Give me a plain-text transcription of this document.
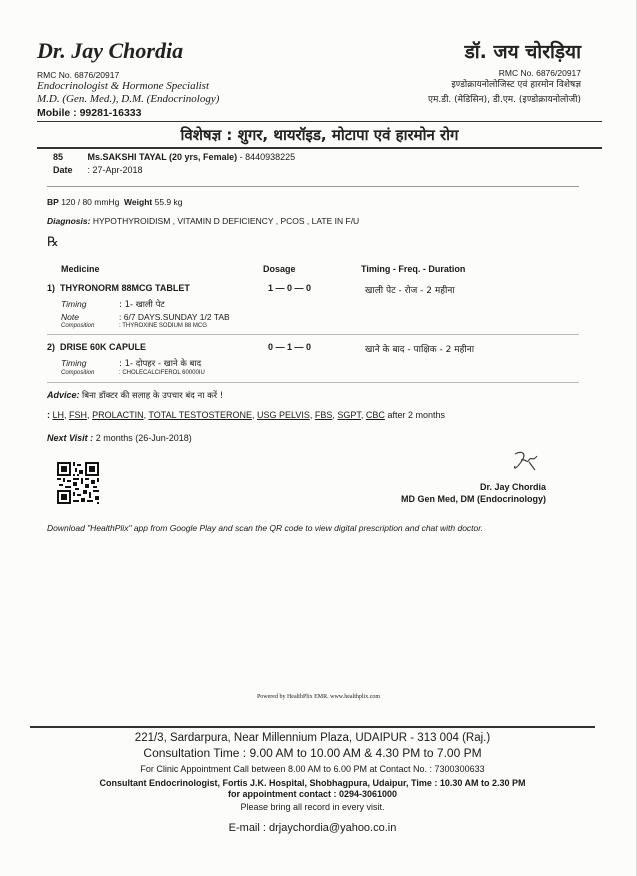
Dr. Jay Chordia
RMC No. 6876/20917
Endocrinologist & Hormone Specialist
M.D. (Gen. Med.), D.M. (Endocrinology)
Mobile : 99281-16333
डॉ. जय चोरड़िया
RMC No. 6876/20917
इण्डोक्रायनोलोजिस्ट एवं हारमोन विशेषज्ञ
एम.डी. (मेडिसिन), डी.एम. (इण्डोक्रायनोलोजी)
विशेषज्ञ : शुगर, थायरॉइड, मोटापा एवं हारमोन रोग
85	Ms.SAKSHI TAYAL (20 yrs, Female) - 8440938225
Date : 27-Apr-2018
BP 120 / 80 mmHg Weight 55.9 kg
Diagnosis: HYPOTHYROIDISM , VITAMIN D DEFICIENCY , PCOS , LATE IN F/U
℞
Medicine	Dosage	Timing - Freq. - Duration
1) THYRONORM 88MCG TABLET	1 — 0 — 0	खाली पेट - रोज - 2 महीना
Timing	: 1- खाली पेट
Note	: 6/7 DAYS.SUNDAY 1/2 TAB
Composition	: THYROXINE SODIUM 88 MCG
2) DRISE 60K CAPULE	0 — 1 — 0	खाने के बाद - पाक्षिक - 2 महीना
Timing	: 1- दोपहर - खाने के बाद
Composition	: CHOLECALCIFEROL 60000IU
Advice: बिना डॉक्टर की सलाह के उपचार बंद ना करें !
: LH, FSH, PROLACTIN, TOTAL TESTOSTERONE, USG PELVIS, FBS, SGPT, CBC after 2 months
Next Visit : 2 months (26-Jun-2018)
Dr. Jay Chordia
MD Gen Med, DM (Endocrinology)
Download "HealthPlix" app from Google Play and scan the QR code to view digital prescription and chat with doctor.
Powered by HealthPlix EMR. www.healthplix.com
221/3, Sardarpura, Near Millennium Plaza, UDAIPUR - 313 004 (Raj.)
Consultation Time : 9.00 AM to 10.00 AM & 4.30 PM to 7.00 PM
For Clinic Appointment Call between 8.00 AM to 6.00 PM at Contact No. : 7300300633
Consultant Endocrinologist, Fortis J.K. Hospital, Shobhagpura, Udaipur, Time : 10.30 AM to 2.30 PM
for appointment contact : 0294-3061000
Please bring all record in every visit.
E-mail : drjaychordia@yahoo.co.in
